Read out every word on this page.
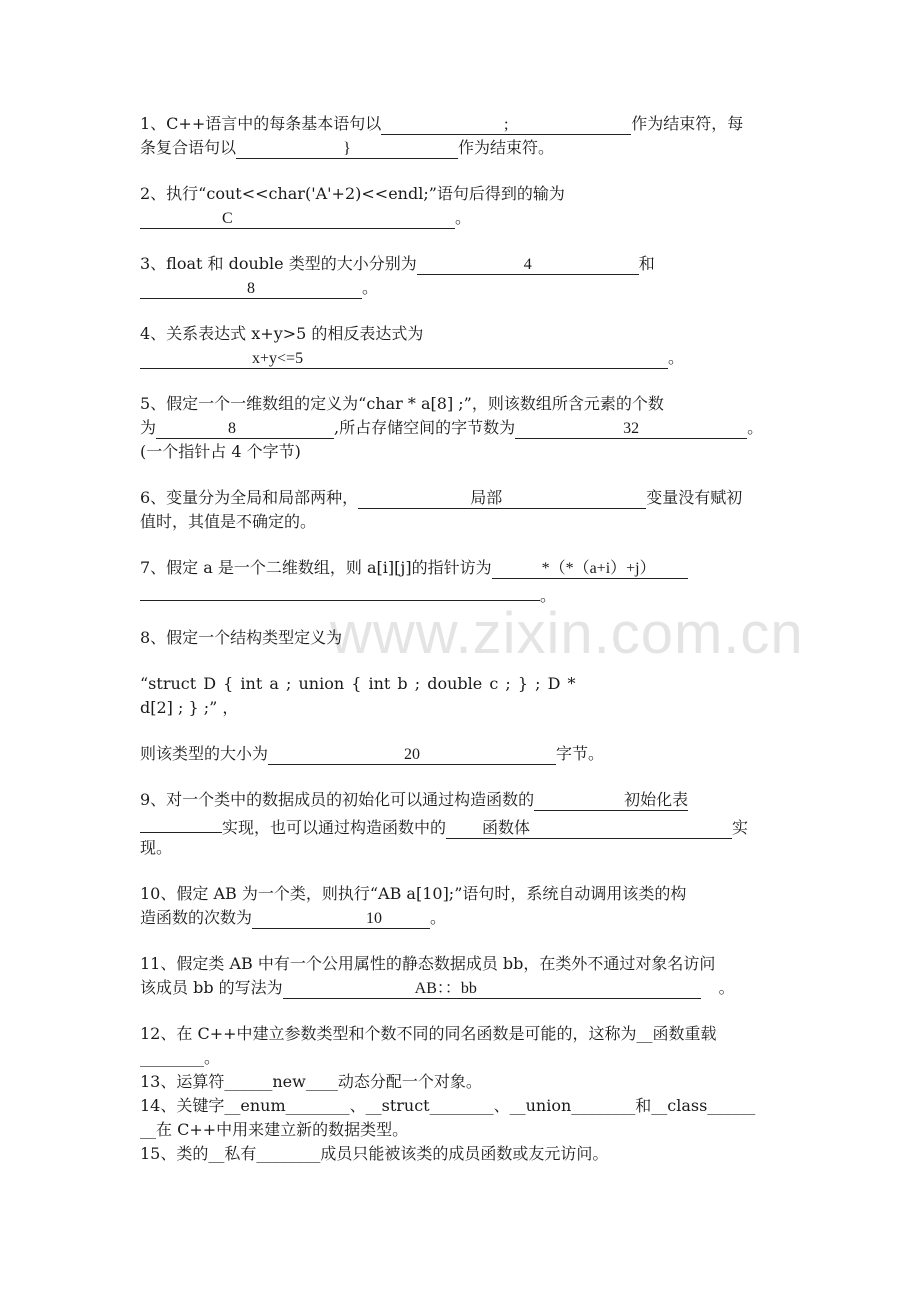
www.zixin.com.cn
1、C++语言中的每条基本语句以	;	作为结束符，每
条复合语句以	}	作为结束符。
2、执行“cout<<char('A'+2)<<endl;”语句后得到的输为
C	。
3、float 和 double 类型的大小分别为	4	和
8	。
4、关系表达式 x+y>5 的相反表达式为
x+y<=5	。
5、假定一个一维数组的定义为“char * a[8] ;”，则该数组所含元素的个数
为	8	,所占存储空间的字节数为	32	。
(一个指针占 4 个字节)
6、变量分为全局和局部两种，	局部	变量没有赋初
值时，其值是不确定的。
7、假定 a 是一个二维数组，则 a[i][j]的指针访为	*（*（a+i）+j）
。
8、假定一个结构类型定义为
“struct D { int a ; union { int b ; double c ; } ; D *
d[2] ; } ;” ，
则该类型的大小为	20	字节。
9、对一个类中的数据成员的初始化可以通过构造函数的	初始化表
实现，也可以通过构造函数中的 函数体	实
现。
10、假定 AB 为一个类，则执行“AB a[10];”语句时，系统自动调用该类的构
造函数的次数为	10	。
11、假定类 AB 中有一个公用属性的静态数据成员 bb，在类外不通过对象名访问
该成员 bb 的写法为	AB：：bb	。
12、在 C++中建立参数类型和个数不同的同名函数是可能的，这称为__函数重载
________。
13、运算符______new____动态分配一个对象。
14、关键字__enum________、__struct________、__union________和__class______
__在 C++中用来建立新的数据类型。
15、类的__私有________成员只能被该类的成员函数或友元访问。
